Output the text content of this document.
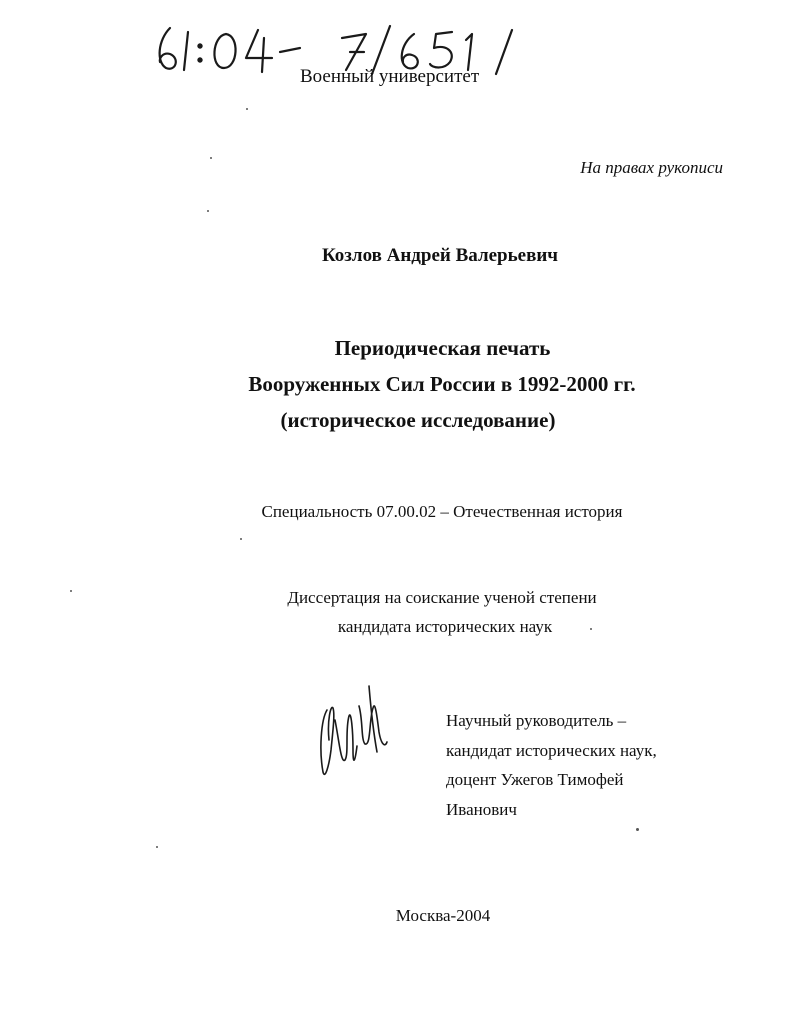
Военный университет
На правах рукописи
Козлов Андрей Валерьевич
Периодическая печать
Вооруженных Сил России в 1992-2000 гг.
(историческое исследование)
Специальность 07.00.02 – Отечественная история
Диссертация на соискание ученой степени
кандидата исторических наук
Научный руководитель –
кандидат исторических наук,
доцент Ужегов Тимофей
Иванович
Москва-2004
